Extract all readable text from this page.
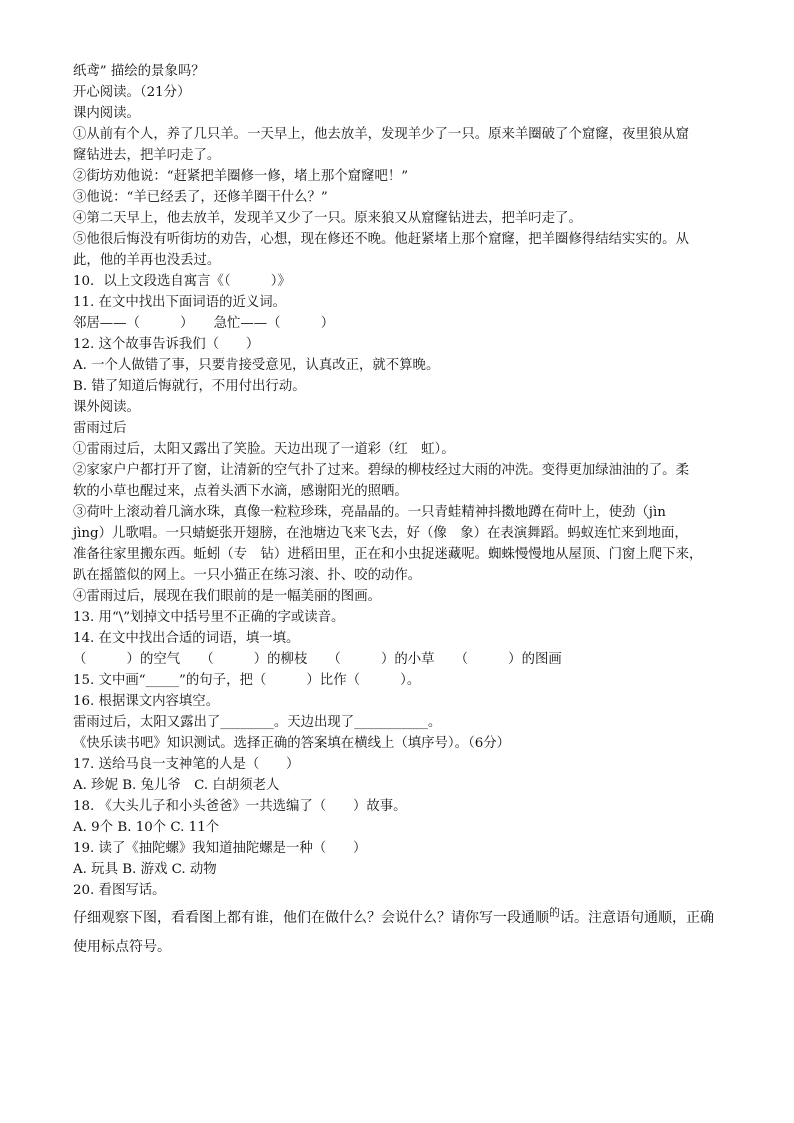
纸鸢” 描绘的景象吗？
开心阅读。（21分）
课内阅读。
①从前有个人，养了几只羊。一天早上，他去放羊，发现羊少了一只。原来羊圈破了个窟窿，夜里狼从窟
窿钻进去，把羊叼走了。
②街坊劝他说：“赶紧把羊圈修一修，堵上那个窟窿吧！”
③他说：“羊已经丢了，还修羊圈干什么？”
④第二天早上，他去放羊，发现羊又少了一只。原来狼又从窟窿钻进去，把羊叼走了。
⑤他很后悔没有听街坊的劝告，心想，现在修还不晚。他赶紧堵上那个窟窿，把羊圈修得结结实实的。从
此，他的羊再也没丢过。
10．以上文段选自寓言《（　　　）》
11. 在文中找出下面词语的近义词。
邻居——（　　　）　　急忙——（　　　）
12. 这个故事告诉我们（　　）
A. 一个人做错了事，只要肯接受意见，认真改正，就不算晚。
B. 错了知道后悔就行，不用付出行动。
课外阅读。
雷雨过后
①雷雨过后，太阳又露出了笑脸。天边出现了一道彩（红　虹）。
②家家户户都打开了窗，让清新的空气扑了过来。碧绿的柳枝经过大雨的冲洗。变得更加绿油油的了。柔
软的小草也醒过来，点着头洒下水滴，感谢阳光的照晒。
③荷叶上滚动着几滴水珠，真像一粒粒珍珠，亮晶晶的。一只青蛙精神抖擞地蹲在荷叶上，使劲（jìn
jìng）儿歌唱。一只蜻蜓张开翅膀，在池塘边飞来飞去，好（像　象）在表演舞蹈。蚂蚁连忙来到地面，
准备往家里搬东西。蚯蚓（专　钻）进稻田里，正在和小虫捉迷藏呢。蜘蛛慢慢地从屋顶、门窗上爬下来，
趴在摇篮似的网上。一只小猫正在练习滚、扑、咬的动作。
④雷雨过后，展现在我们眼前的是一幅美丽的图画。
13. 用“\”划掉文中括号里不正确的字或读音。
14. 在文中找出合适的词语，填一填。
（　　　）的空气　　（　　　）的柳枝　　（　　　）的小草　　（　　　）的图画
15. 文中画“_____”的句子，把（　　　）比作（　　　）。
16. 根据课文内容填空。
雷雨过后，太阳又露出了________。天边出现了___________。
《快乐读书吧》知识测试。选择正确的答案填在横线上（填序号）。（6分）
17. 送给马良一支神笔的人是（　　）
A. 珍妮 B. 兔儿爷　C. 白胡须老人
18. 《大头儿子和小头爸爸》一共选编了（　　）故事。
A. 9个 B. 10个 C. 11个
19. 读了《抽陀螺》我知道抽陀螺是一种（　　）
A. 玩具 B. 游戏 C. 动物
20. 看图写话。
仔细观察下图，看看图上都有谁，他们在做什么？会说什么？请你写一段通顺$^的$话。注意语句通顺，正确
使用标点符号。
